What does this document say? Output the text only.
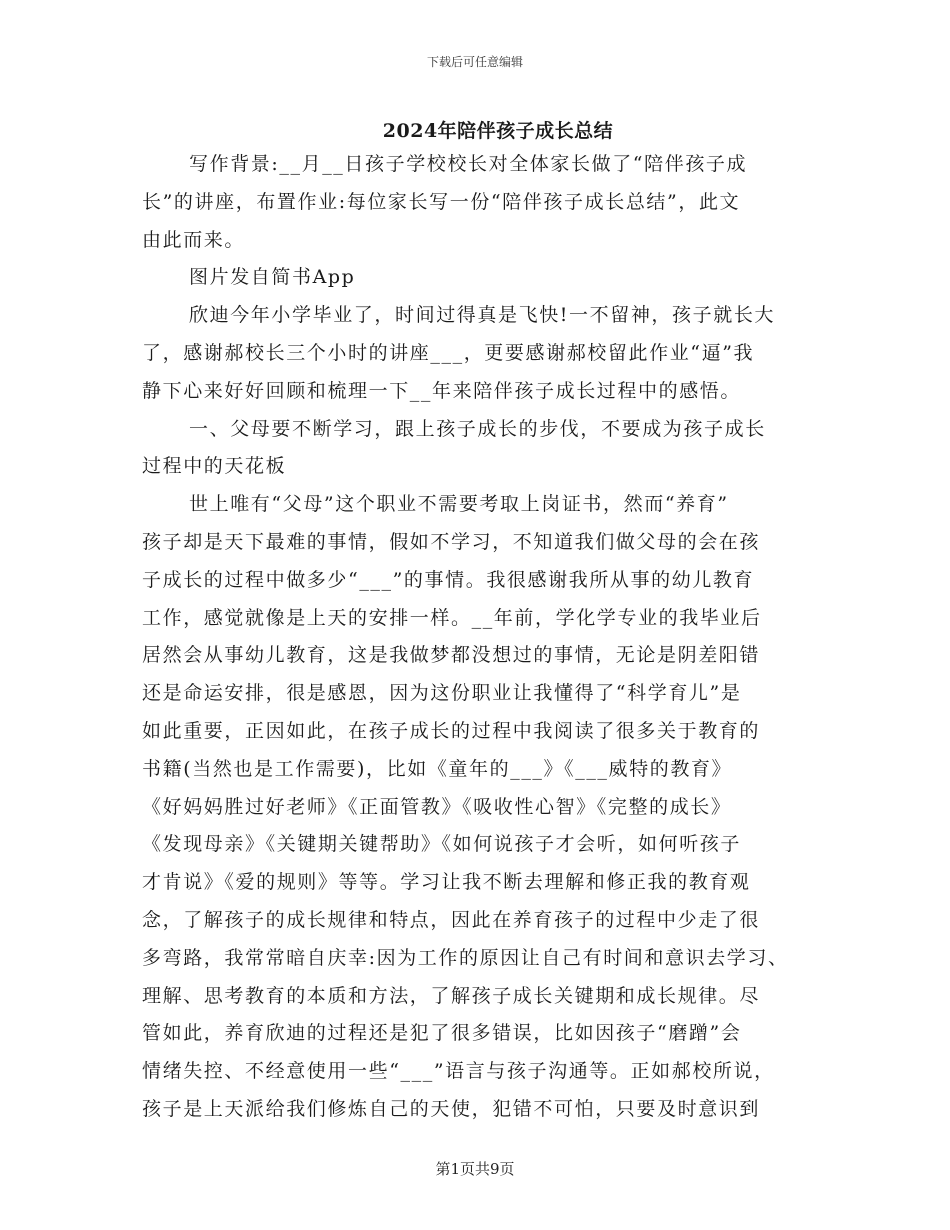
下载后可任意编辑
2024年陪伴孩子成长总结
写作背景:__月__日孩子学校校长对全体家长做了“陪伴孩子成
长”的讲座，布置作业:每位家长写一份“陪伴孩子成长总结”，此文
由此而来。
图片发自简书App
欣迪今年小学毕业了，时间过得真是飞快!一不留神，孩子就长大
了，感谢郝校长三个小时的讲座___，更要感谢郝校留此作业“逼”我
静下心来好好回顾和梳理一下__年来陪伴孩子成长过程中的感悟。
一、父母要不断学习，跟上孩子成长的步伐，不要成为孩子成长
过程中的天花板
世上唯有“父母”这个职业不需要考取上岗证书，然而“养育”
孩子却是天下最难的事情，假如不学习，不知道我们做父母的会在孩
子成长的过程中做多少“___”的事情。我很感谢我所从事的幼儿教育
工作，感觉就像是上天的安排一样。__年前，学化学专业的我毕业后
居然会从事幼儿教育，这是我做梦都没想过的事情，无论是阴差阳错
还是命运安排，很是感恩，因为这份职业让我懂得了“科学育儿”是
如此重要，正因如此，在孩子成长的过程中我阅读了很多关于教育的
书籍(当然也是工作需要)，比如《童年的___》《___威特的教育》
《好妈妈胜过好老师》《正面管教》《吸收性心智》《完整的成长》
《发现母亲》《关键期关键帮助》《如何说孩子才会听，如何听孩子
才肯说》《爱的规则》等等。学习让我不断去理解和修正我的教育观
念，了解孩子的成长规律和特点，因此在养育孩子的过程中少走了很
多弯路，我常常暗自庆幸:因为工作的原因让自己有时间和意识去学习、
理解、思考教育的本质和方法，了解孩子成长关键期和成长规律。尽
管如此，养育欣迪的过程还是犯了很多错误，比如因孩子“磨蹭”会
情绪失控、不经意使用一些“___”语言与孩子沟通等。正如郝校所说，
孩子是上天派给我们修炼自己的天使，犯错不可怕，只要及时意识到
第1页共9页
